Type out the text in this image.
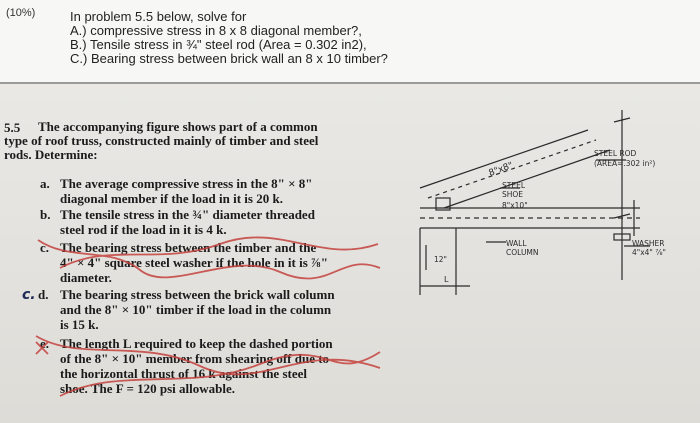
(10%)	In problem 5.5 below, solve for
A.) compressive stress in 8 x 8 diagonal member?,
B.) Tensile stress in ¾" steel rod (Area = 0.302 in2),
C.) Bearing stress between brick wall an 8 x 10 timber?
5.5 The accompanying figure shows part of a common
type of roof truss, constructed mainly of timber and steel
rods. Determine:
a. The average compressive stress in the 8" × 8"
diagonal member if the load in it is 20 k.
b. The tensile stress in the ¾" diameter threaded
steel rod if the load in it is 4 k.
c. The bearing stress between the timber and the
4" × 4" square steel washer if the hole in it is ⅞"
diameter.
c. d. The bearing stress between the brick wall column
and the 8" × 10" timber if the load in the column
is 15 k.
e. The length L required to keep the dashed portion
of the 8" × 10" member from shearing off due to
the horizontal thrust of 16 k against the steel
shoe. The F = 120 psi allowable.
8"x8"
STEEL ROD
(AREA=.302 in²)
STEEL
SHOE
8"x10"
WALL
COLUMN
WASHER
4"x4" ⅞"
12"
L
